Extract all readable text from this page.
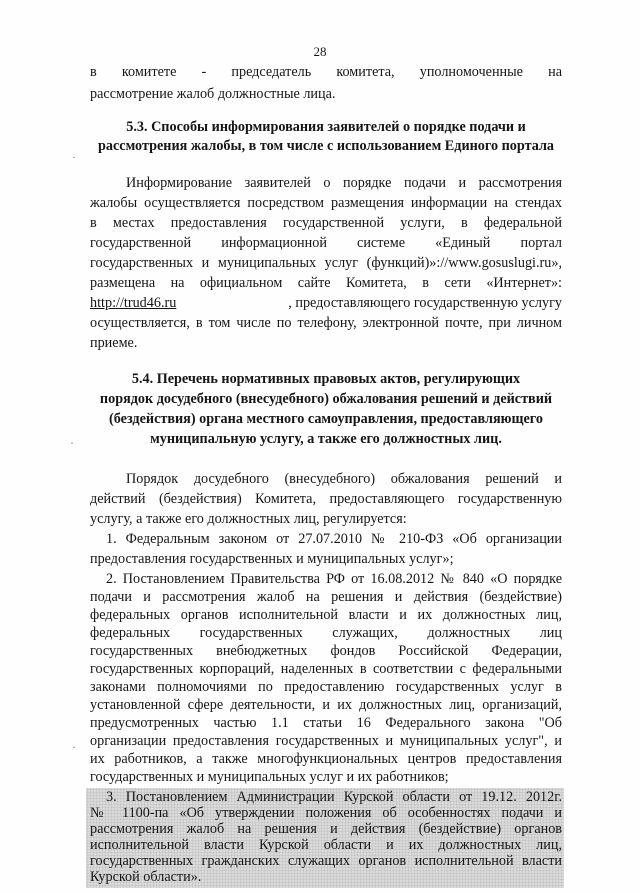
28
в комитете - председатель комитета, уполномоченные на
рассмотрение жалоб должностные лица.
5.3. Способы информирования заявителей о порядке подачи и
рассмотрения жалобы, в том числе с использованием Единого портала
Информирование заявителей о порядке подачи и рассмотрения
жалобы осуществляется посредством размещения информации на стендах
в местах предоставления государственной услуги, в федеральной
государственной информационной системе «Единый портал
государственных и муниципальных услуг (функций)»://www.gosuslugi.ru»,
размещена на официальном сайте Комитета, в сети «Интернет»:
http://trud46.ru	, предоставляющего государственную услугу
осуществляется, в том числе по телефону, электронной почте, при личном
приеме.
5.4. Перечень нормативных правовых актов, регулирующих
порядок досудебного (внесудебного) обжалования решений и действий
(бездействия) органа местного самоуправления, предоставляющего
муниципальную услугу, а также его должностных лиц.
Порядок досудебного (внесудебного) обжалования решений и
действий (бездействия) Комитета, предоставляющего государственную
услугу, а также его должностных лиц, регулируется:
1. Федеральным законом от 27.07.2010 № 210-ФЗ «Об организации
предоставления государственных и муниципальных услуг»;
2. Постановлением Правительства РФ от 16.08.2012 № 840 «О порядке
подачи и рассмотрения жалоб на решения и действия (бездействие)
федеральных органов исполнительной власти и их должностных лиц,
федеральных государственных служащих, должностных лиц
государственных внебюджетных фондов Российской Федерации,
государственных корпораций, наделенных в соответствии с федеральными
законами полномочиями по предоставлению государственных услуг в
установленной сфере деятельности, и их должностных лиц, организаций,
предусмотренных частью 1.1 статьи 16 Федерального закона "Об
организации предоставления государственных и муниципальных услуг", и
их работников, а также многофункциональных центров предоставления
государственных и муниципальных услуг и их работников;
3. Постановлением Администрации Курской области от 19.12. 2012г.
№ 1100-па «Об утверждении положения об особенностях подачи и
рассмотрения жалоб на решения и действия (бездействие) органов
исполнительной власти Курской области и их должностных лиц,
государственных гражданских служащих органов исполнительной власти
Курской области».
·
·
·
